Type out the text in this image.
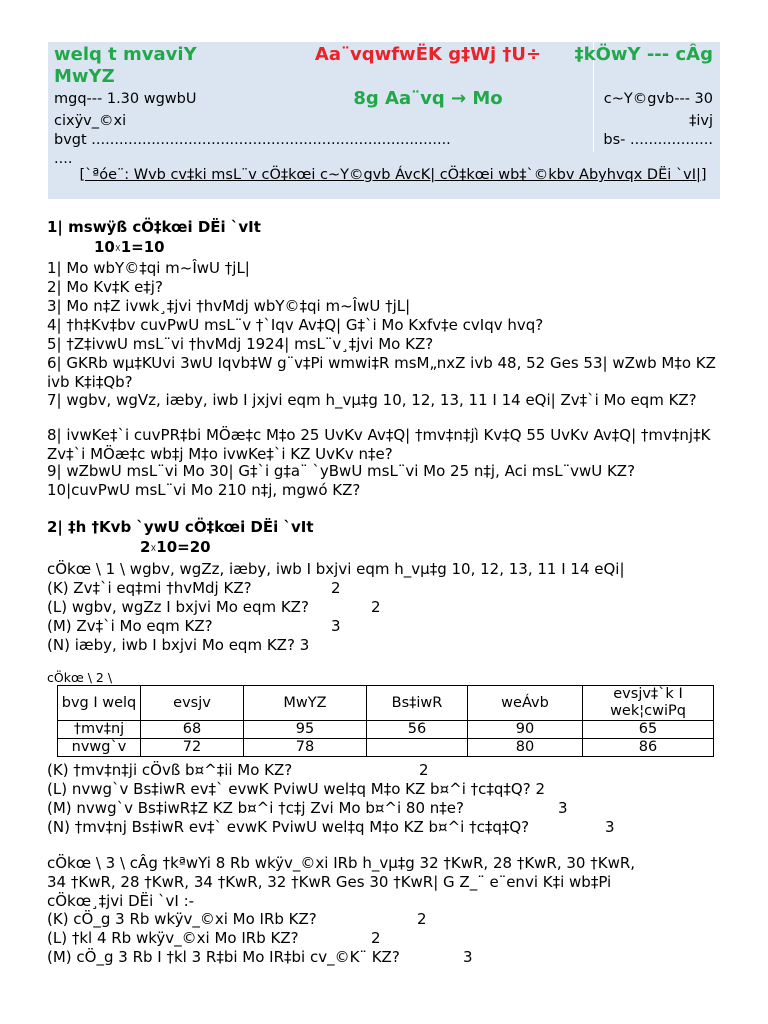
welq t mvaviY MwYZ
Aa¨vqwfwËK g‡Wj †U÷	‡kÖwY --- cÂg
mgq--- 1.30 wgwbU	8g Aa¨vq → Mo	c~Y©gvb--- 30
cixÿv_©xi	‡ivj
bvgt ..............................................................................	bs- ..................
....
[`ªóe¨: Wvb cv‡ki msL¨v cÖ‡kœi c~Y©gvb ÁvcK| cÖ‡kœi wb‡`©kbv Abyhvqx DËi `vI|]
1| mswÿß cÖ‡kœi DËi `vIt
10☓1=10
1| Mo wbY©‡qi m~ÎwU †jL|
2| Mo Kv‡K e‡j?
3| Mo n‡Z ivwk¸‡jvi †hvMdj wbY©‡qi m~ÎwU †jL|
4| †h‡Kv‡bv cuvPwU msL¨v †`Iqv Av‡Q| G‡`i Mo Kxfv‡e cvIqv hvq?
5| †Z‡ivwU msL¨vi †hvMdj 1924| msL¨v¸‡jvi Mo KZ?
6| GKRb wµ‡KUvi 3wU Iqvb‡W g¨v‡Pi wmwi‡R msM„nxZ ivb 48, 52 Ges 53| wZwb M‡o KZ ivb K‡i‡Qb?
7| wgbv, wgVz, iæby, iwb I jxjvi eqm h_vµ‡g 10, 12, 13, 11 I 14 eQi| Zv‡`i Mo eqm KZ?
8| ivwKe‡`i cuvPR‡bi MÖæ‡c M‡o 25 UvKv Av‡Q| †mv‡n‡jì Kv‡Q 55 UvKv Av‡Q| †mv‡nj‡K Zv‡`i MÖæ‡c wb‡j M‡o ivwKe‡`i KZ UvKv n‡e?
9| wZbwU msL¨vi Mo 30| G‡`i g‡a¨ `yBwU msL¨vi Mo 25 n‡j, Aci msL¨vwU KZ?
10|cuvPwU msL¨vi Mo 210 n‡j, mgwó KZ?
2| ‡h †Kvb `ywU cÖ‡kœi DËi `vIt
2☓10=20
cÖkœ \ 1 \ wgbv, wgZz, iæby, iwb I bxjvi eqm h_vµ‡g 10, 12, 13, 11 I 14 eQi|
(K) Zv‡`i eq‡mi †hvMdj KZ?	2
(L) wgbv, wgZz I bxjvi Mo eqm KZ?	2
(M) Zv‡`i Mo eqm KZ?	3
(N) iæby, iwb I bxjvi Mo eqm KZ? 3
cÖkœ \ 2 \
bvg I welq	evsjv	MwYZ	Bs‡iwR	weÁvb	evsjv‡`k I wek¦cwiPq
†mv‡nj	68	95	56	90	65
nvwg`v	72	78		80	86
(K) †mv‡n‡ji cÖvß b¤^‡ii Mo KZ?	2
(L) nvwg`v Bs‡iwR ev‡` evwK PviwU wel‡q M‡o KZ b¤^i †c‡q‡Q? 2
(M) nvwg`v Bs‡iwR‡Z KZ b¤^i †c‡j Zvi Mo b¤^i 80 n‡e?	3
(N) †mv‡nj Bs‡iwR ev‡` evwK PviwU wel‡q M‡o KZ b¤^i †c‡q‡Q?	3
cÖkœ \ 3 \ cÂg †kªwYi 8 Rb wkÿv_©xi IRb h_vµ‡g 32 †KwR, 28 †KwR, 30 †KwR,
34 †KwR, 28 †KwR, 34 †KwR, 32 †KwR Ges 30 †KwR| G Z_¨ e¨envi K‡i wb‡Pi
cÖkœ¸‡jvi DËi `vI :-
(K) cÖ_g 3 Rb wkÿv_©xi Mo IRb KZ?	2
(L) †kl 4 Rb wkÿv_©xi Mo IRb KZ?	2
(M) cÖ_g 3 Rb I †kl 3 R‡bi Mo IR‡bi cv_©K¨ KZ?	3
